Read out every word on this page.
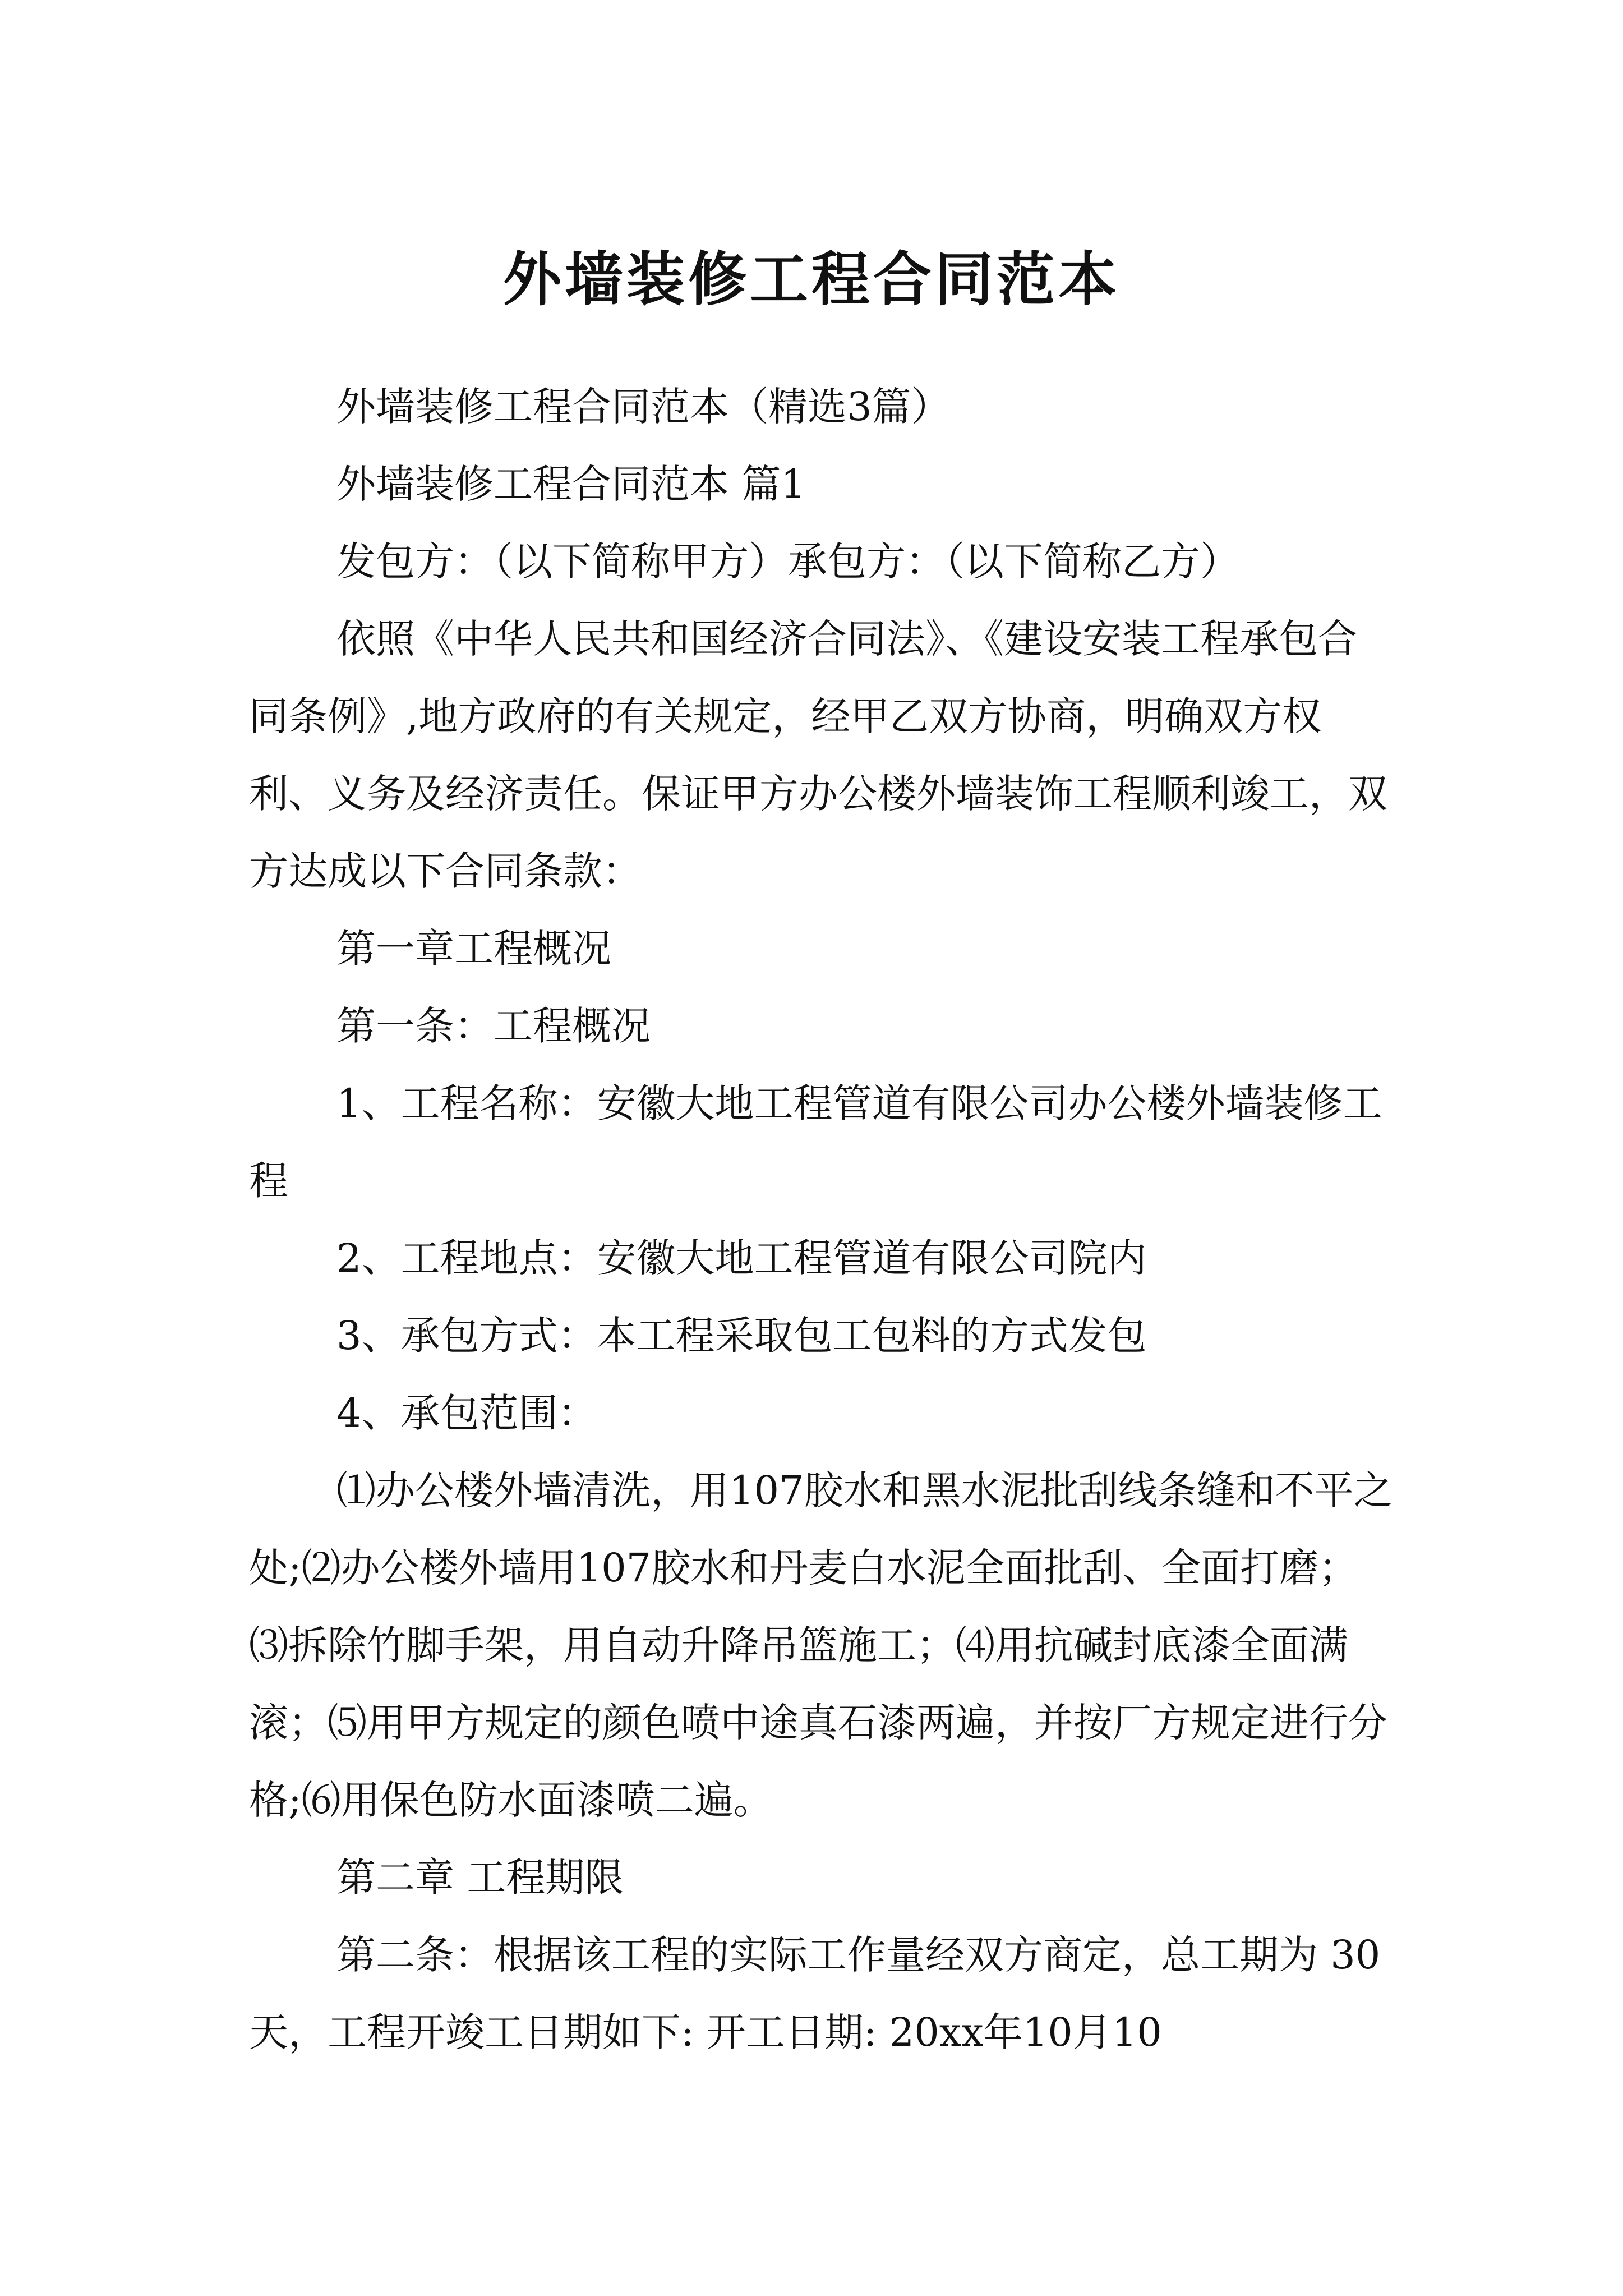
外墙装修工程合同范本

外墙装修工程合同范本（精选3篇）

外墙装修工程合同范本 篇1

发包方：（以下简称甲方）承包方：（以下简称乙方）

依照《中华人民共和国经济合同法》、《建设安装工程承包合同条例》,地方政府的有关规定，经甲乙双方协商，明确双方权利、义务及经济责任。保证甲方办公楼外墙装饰工程顺利竣工，双方达成以下合同条款：

第一章工程概况

第一条：工程概况

1、工程名称：安徽大地工程管道有限公司办公楼外墙装修工程

2、工程地点：安徽大地工程管道有限公司院内

3、承包方式：本工程采取包工包料的方式发包

4、承包范围：

⑴办公楼外墙清洗，用107胶水和黑水泥批刮线条缝和不平之处;⑵办公楼外墙用107胶水和丹麦白水泥全面批刮、全面打磨；⑶拆除竹脚手架，用自动升降吊篮施工；⑷用抗碱封底漆全面满滚；⑸用甲方规定的颜色喷中途真石漆两遍，并按厂方规定进行分格;⑹用保色防水面漆喷二遍。

第二章 工程期限

第二条：根据该工程的实际工作量经双方商定，总工期为 30天，工程开竣工日期如下: 开工日期: 20xx年10月10
